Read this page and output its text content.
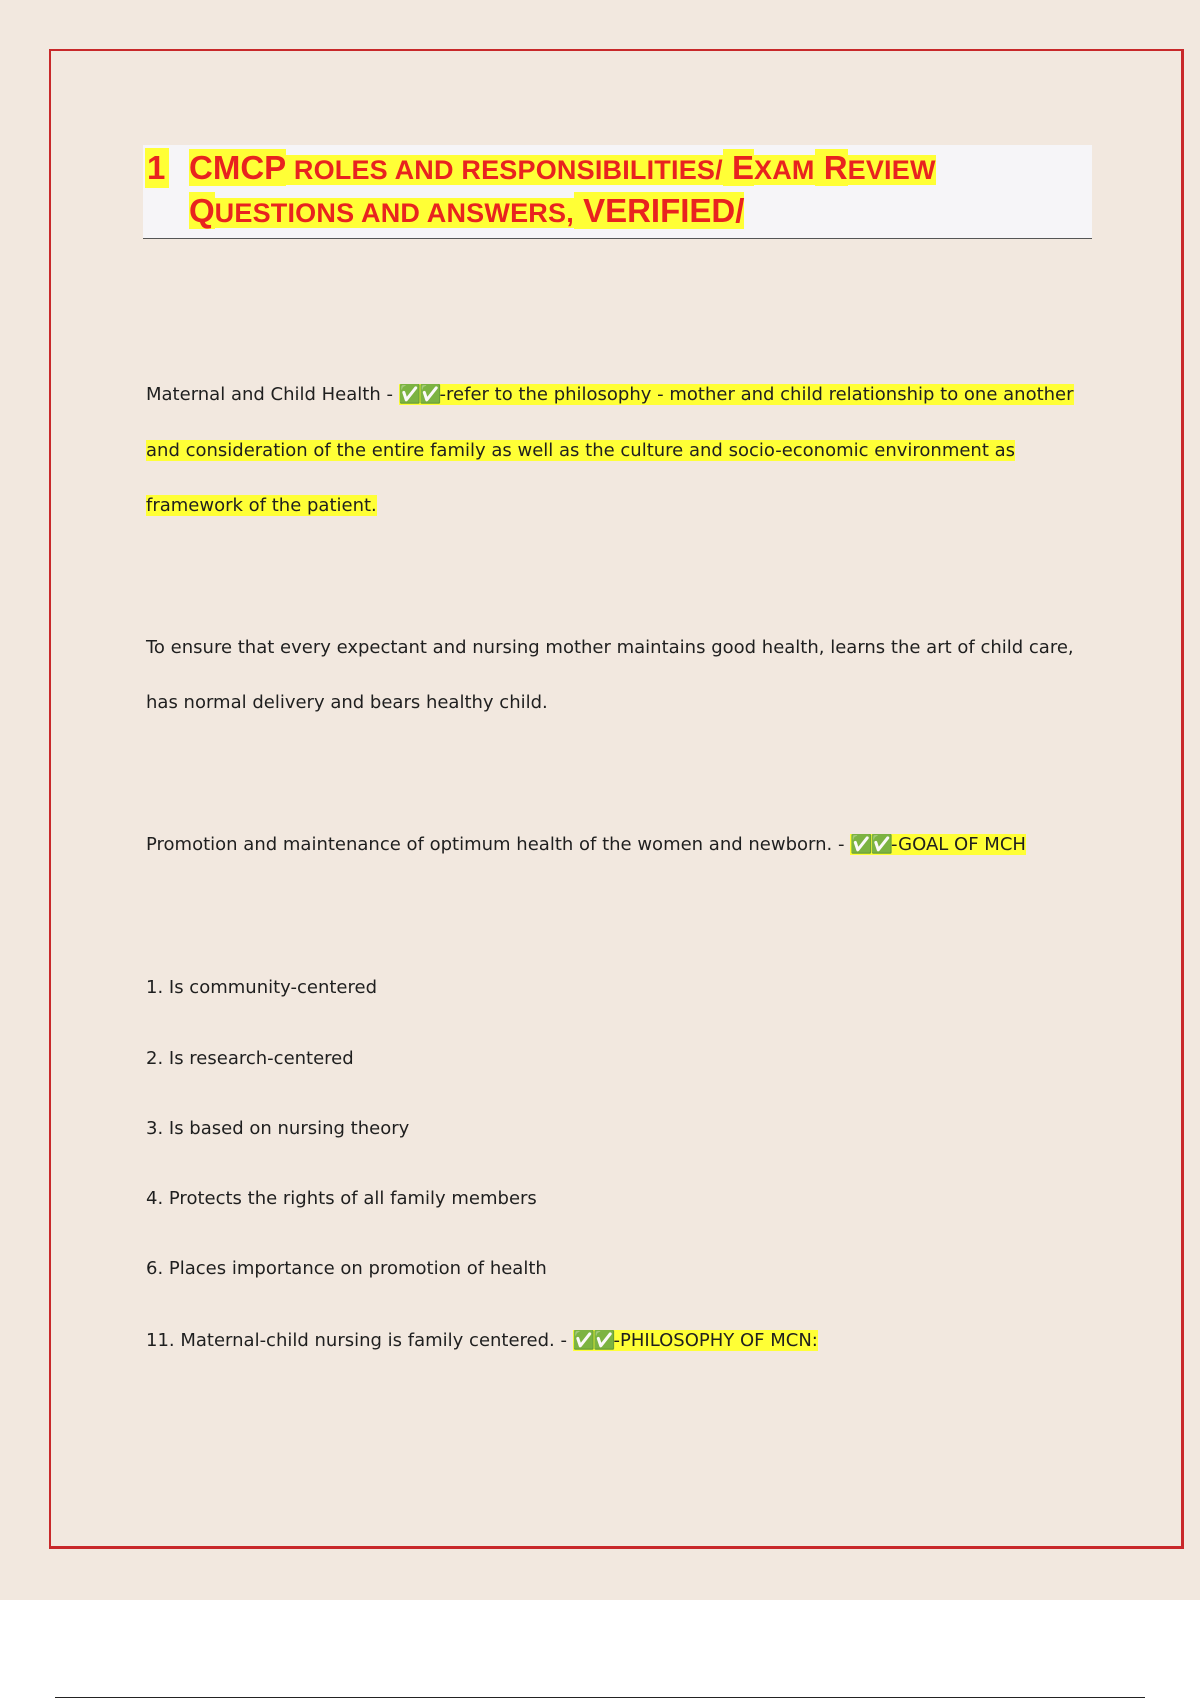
1 CMCP ROLES AND RESPONSIBILITIES/ EXAM REVIEW
QUESTIONS AND ANSWERS, VERIFIED/
Maternal and Child Health - ✅✅-refer to the philosophy - mother and child relationship to one another
and consideration of the entire family as well as the culture and socio-economic environment as
framework of the patient.
To ensure that every expectant and nursing mother maintains good health, learns the art of child care,
has normal delivery and bears healthy child.
Promotion and maintenance of optimum health of the women and newborn. - ✅✅-GOAL OF MCH
1. Is community-centered
2. Is research-centered
3. Is based on nursing theory
4. Protects the rights of all family members
6. Places importance on promotion of health
11. Maternal-child nursing is family centered. - ✅✅-PHILOSOPHY OF MCN:
